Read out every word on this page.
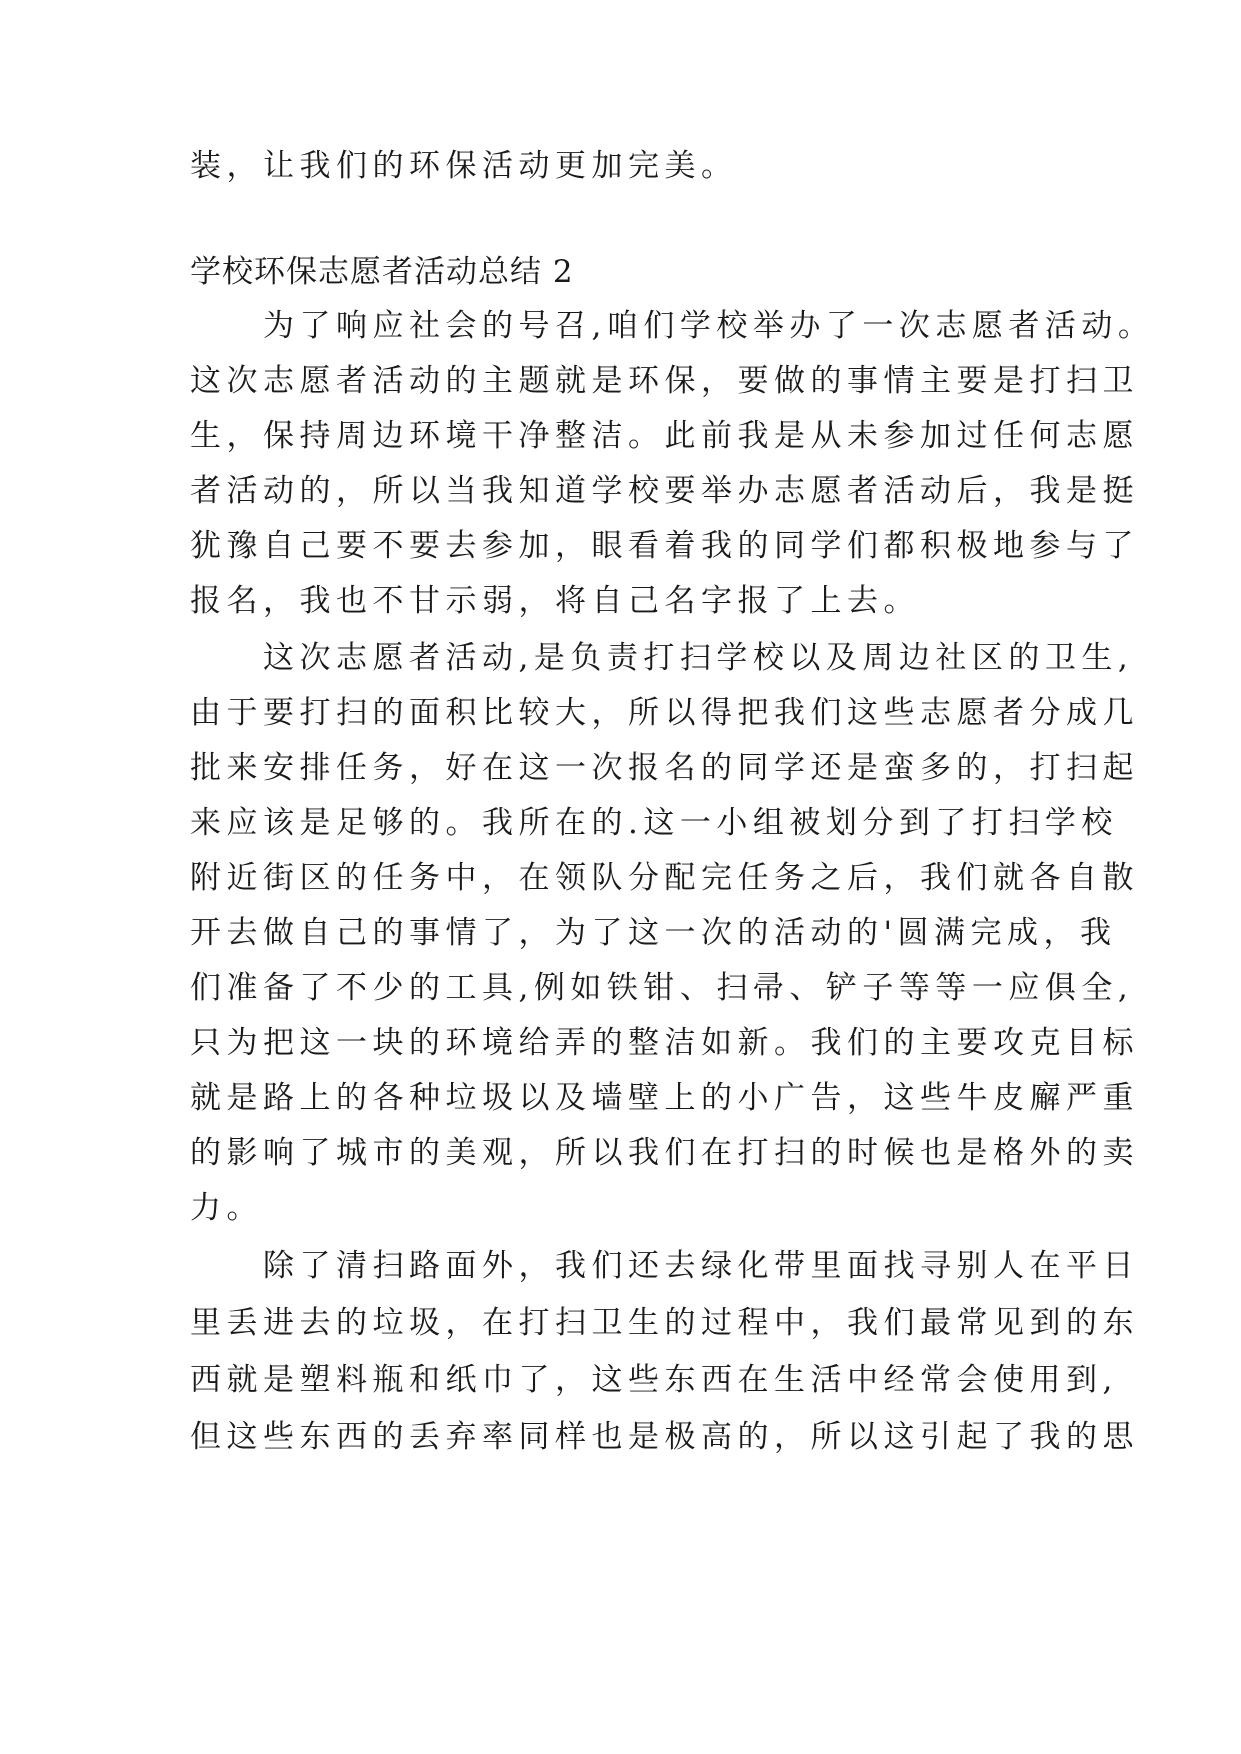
装，让我们的环保活动更加完美。
学校环保志愿者活动总结 2
　　为了响应社会的号召,咱们学校举办了一次志愿者活动。
这次志愿者活动的主题就是环保，要做的事情主要是打扫卫
生，保持周边环境干净整洁。此前我是从未参加过任何志愿
者活动的，所以当我知道学校要举办志愿者活动后，我是挺
犹豫自己要不要去参加，眼看着我的同学们都积极地参与了
报名，我也不甘示弱，将自己名字报了上去。
　　这次志愿者活动,是负责打扫学校以及周边社区的卫生,
由于要打扫的面积比较大，所以得把我们这些志愿者分成几
批来安排任务，好在这一次报名的同学还是蛮多的，打扫起
来应该是足够的。我所在的.这一小组被划分到了打扫学校
附近街区的任务中，在领队分配完任务之后，我们就各自散
开去做自己的事情了，为了这一次的活动的'圆满完成，我
们准备了不少的工具,例如铁钳、扫帚、铲子等等一应俱全,
只为把这一块的环境给弄的整洁如新。我们的主要攻克目标
就是路上的各种垃圾以及墙壁上的小广告，这些牛皮廨严重
的影响了城市的美观，所以我们在打扫的时候也是格外的卖
力。
　　除了清扫路面外，我们还去绿化带里面找寻别人在平日
里丢进去的垃圾，在打扫卫生的过程中，我们最常见到的东
西就是塑料瓶和纸巾了，这些东西在生活中经常会使用到,
但这些东西的丢弃率同样也是极高的，所以这引起了我的思
